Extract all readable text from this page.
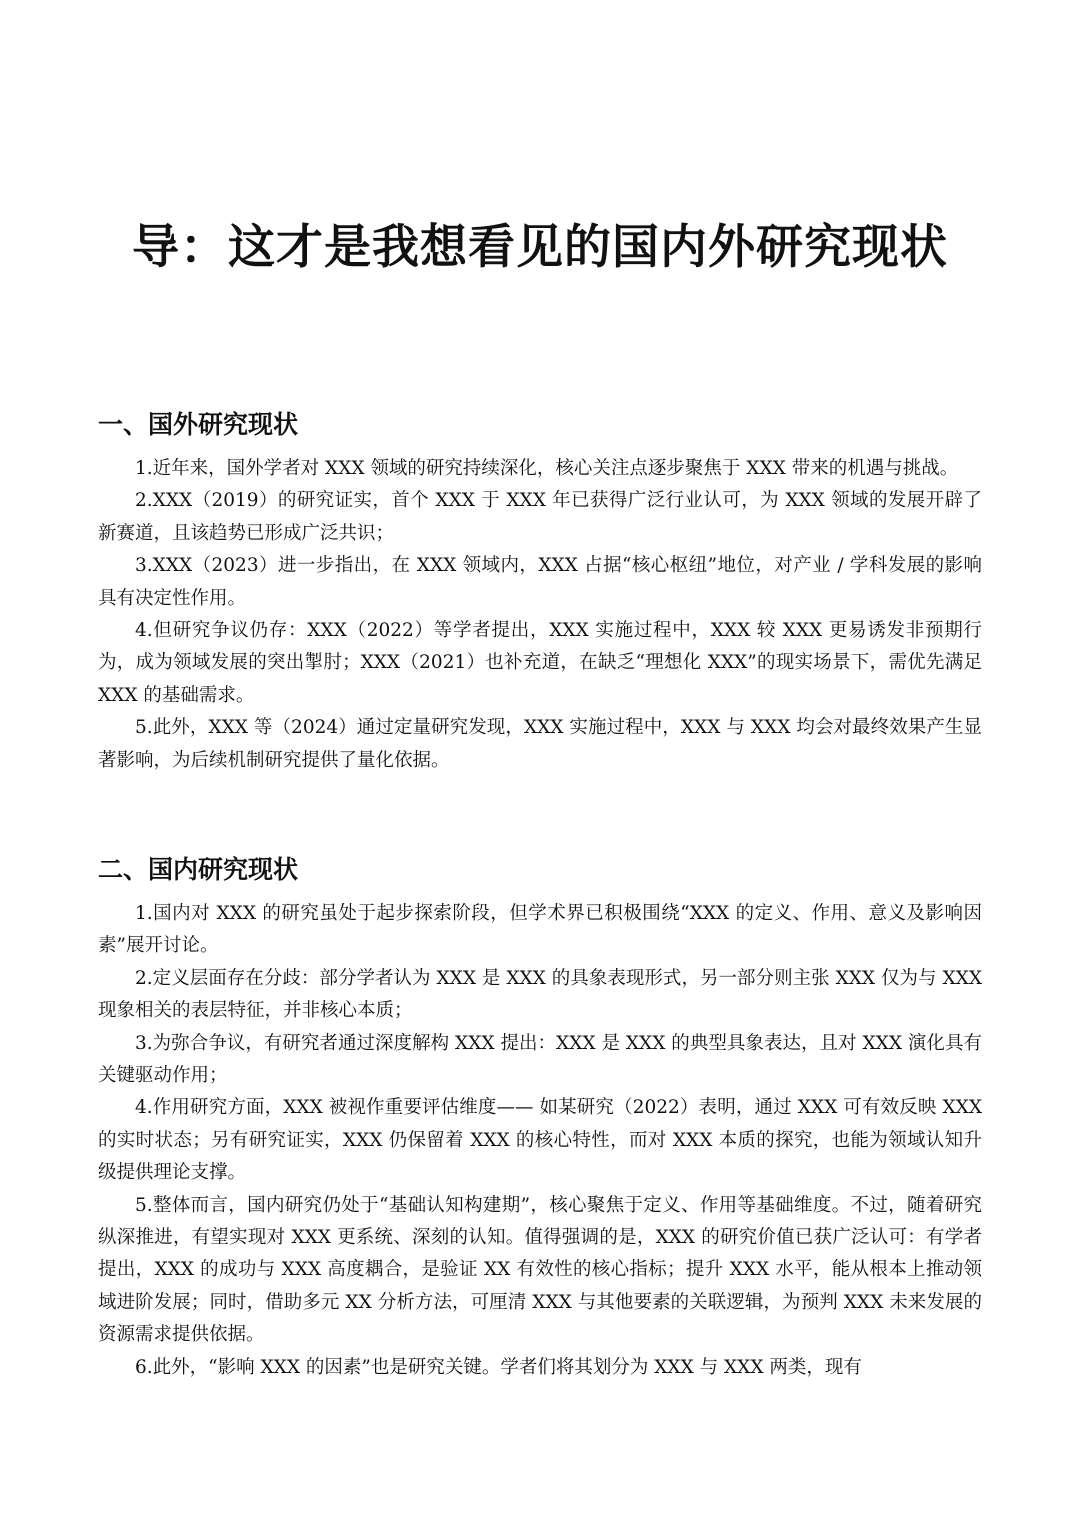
导：这才是我想看见的国内外研究现状
一、国外研究现状

1.近年来，国外学者对 XXX 领域的研究持续深化，核心关注点逐步聚焦于 XXX 带来的机遇与挑战。

2.XXX（2019）的研究证实，首个 XXX 于 XXX 年已获得广泛行业认可，为 XXX 领域的发展开辟了新赛道，且该趋势已形成广泛共识；

3.XXX（2023）进一步指出，在 XXX 领域内，XXX 占据“核心枢纽”地位，对产业 / 学科发展的影响具有决定性作用。

4.但研究争议仍存：XXX（2022）等学者提出，XXX 实施过程中，XXX 较 XXX 更易诱发非预期行为，成为领域发展的突出掣肘；XXX（2021）也补充道，在缺乏“理想化 XXX”的现实场景下，需优先满足 XXX 的基础需求。

5.此外，XXX 等（2024）通过定量研究发现，XXX 实施过程中，XXX 与 XXX 均会对最终效果产生显著影响，为后续机制研究提供了量化依据。

二、国内研究现状

1.国内对 XXX 的研究虽处于起步探索阶段，但学术界已积极围绕“XXX 的定义、作用、意义及影响因素”展开讨论。

2.定义层面存在分歧：部分学者认为 XXX 是 XXX 的具象表现形式，另一部分则主张 XXX 仅为与 XXX 现象相关的表层特征，并非核心本质；

3.为弥合争议，有研究者通过深度解构 XXX 提出：XXX 是 XXX 的典型具象表达，且对 XXX 演化具有关键驱动作用；

4.作用研究方面，XXX 被视作重要评估维度—— 如某研究（2022）表明，通过 XXX 可有效反映 XXX 的实时状态；另有研究证实，XXX 仍保留着 XXX 的核心特性，而对 XXX 本质的探究，也能为领域认知升级提供理论支撑。

5.整体而言，国内研究仍处于“基础认知构建期”，核心聚焦于定义、作用等基础维度。不过，随着研究纵深推进，有望实现对 XXX 更系统、深刻的认知。值得强调的是，XXX 的研究价值已获广泛认可：有学者提出，XXX 的成功与 XXX 高度耦合，是验证 XX 有效性的核心指标；提升 XXX 水平，能从根本上推动领域进阶发展；同时，借助多元 XX 分析方法，可厘清 XXX 与其他要素的关联逻辑，为预判 XXX 未来发展的资源需求提供依据。

6.此外，“影响 XXX 的因素”也是研究关键。学者们将其划分为 XXX 与 XXX 两类，现有
